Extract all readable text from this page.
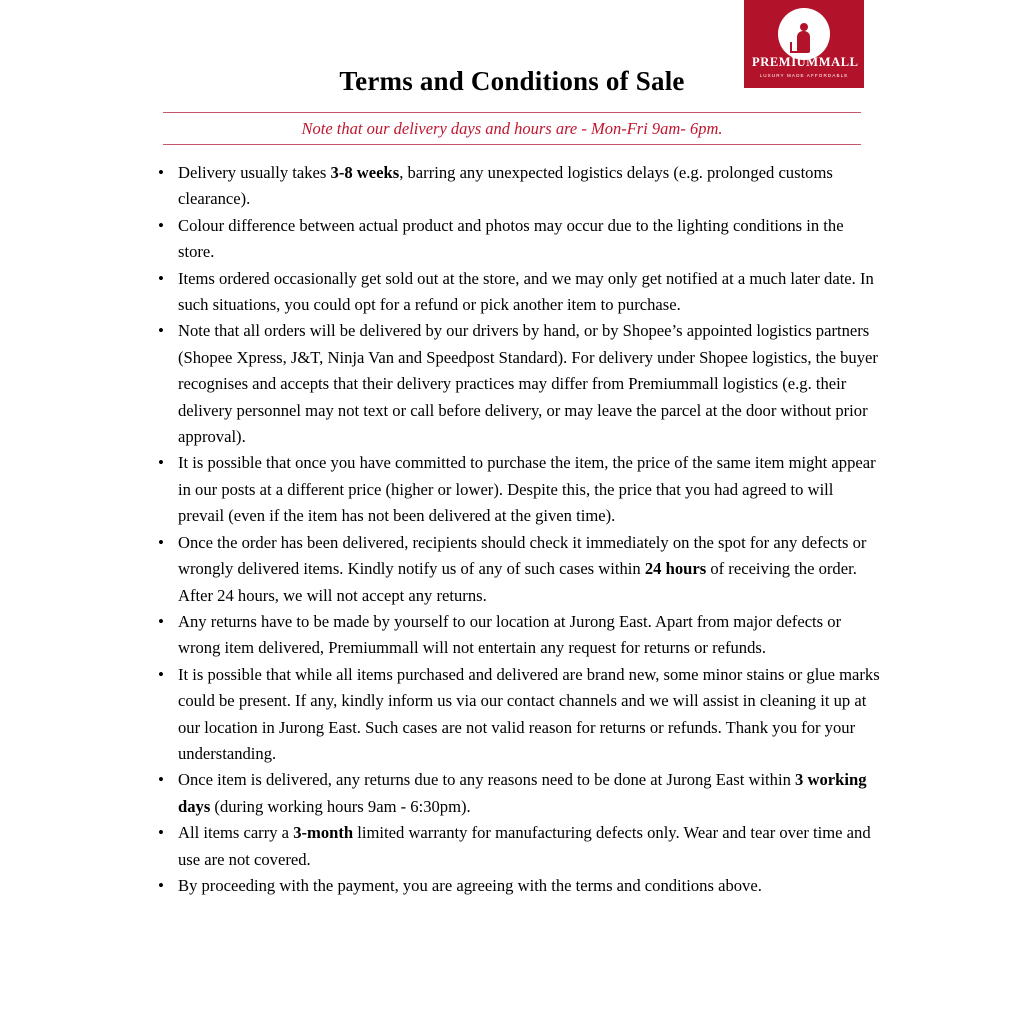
PREMIUMMALL
LUXURY MADE AFFORDABLE
Terms and Conditions of Sale
Note that our delivery days and hours are - Mon-Fri 9am- 6pm.
• Delivery usually takes 3-8 weeks, barring any unexpected logistics delays (e.g. prolonged customs clearance).
• Colour difference between actual product and photos may occur due to the lighting conditions in the store.
• Items ordered occasionally get sold out at the store, and we may only get notified at a much later date. In such situations, you could opt for a refund or pick another item to purchase.
• Note that all orders will be delivered by our drivers by hand, or by Shopee’s appointed logistics partners (Shopee Xpress, J&T, Ninja Van and Speedpost Standard). For delivery under Shopee logistics, the buyer recognises and accepts that their delivery practices may differ from Premiummall logistics (e.g. their delivery personnel may not text or call before delivery, or may leave the parcel at the door without prior approval).
• It is possible that once you have committed to purchase the item, the price of the same item might appear in our posts at a different price (higher or lower). Despite this, the price that you had agreed to will prevail (even if the item has not been delivered at the given time).
• Once the order has been delivered, recipients should check it immediately on the spot for any defects or wrongly delivered items. Kindly notify us of any of such cases within 24 hours of receiving the order. After 24 hours, we will not accept any returns.
• Any returns have to be made by yourself to our location at Jurong East. Apart from major defects or wrong item delivered, Premiummall will not entertain any request for returns or refunds.
• It is possible that while all items purchased and delivered are brand new, some minor stains or glue marks could be present. If any, kindly inform us via our contact channels and we will assist in cleaning it up at our location in Jurong East. Such cases are not valid reason for returns or refunds. Thank you for your understanding.
• Once item is delivered, any returns due to any reasons need to be done at Jurong East within 3 working days (during working hours 9am - 6:30pm).
• All items carry a 3-month limited warranty for manufacturing defects only. Wear and tear over time and use are not covered.
• By proceeding with the payment, you are agreeing with the terms and conditions above.
